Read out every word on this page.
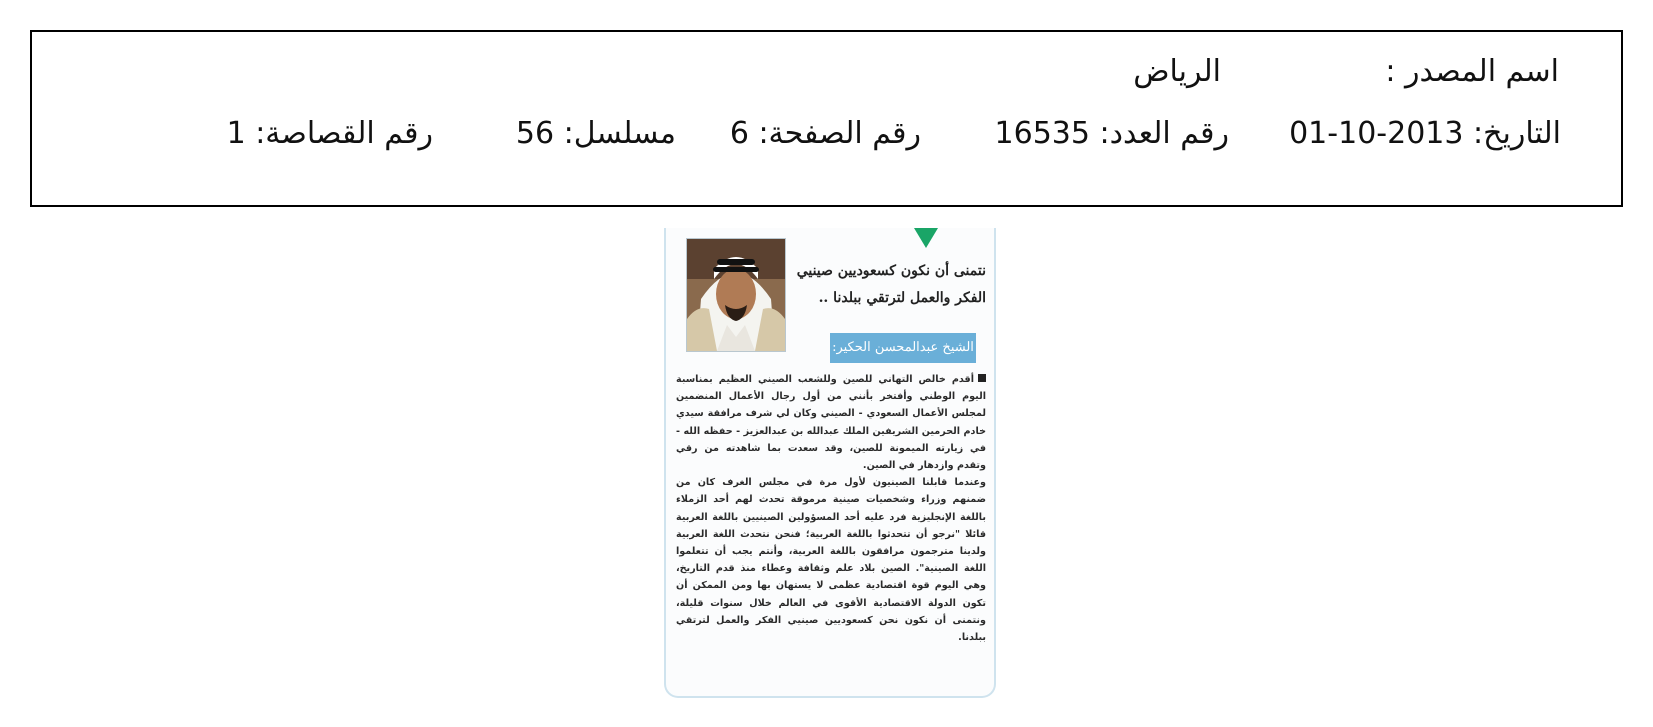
اسم المصدر :
الرياض
التاريخ: 2013-10-01
رقم العدد: 16535
رقم الصفحة: 6
مسلسل: 56
رقم القصاصة: 1
نتمنى أن نكون كسعوديين صينيي
الفكر والعمل لترتقي ببلدنا ..
الشيخ عبدالمحسن الحكير:

أقدم خالص التهاني للصين وللشعب الصيني العظيم بمناسبة اليوم الوطني وأفتخر بأنني من أول رجال الأعمال المنضمين لمجلس الأعمال السعودي - الصيني وكان لي شرف مرافقة سيدي خادم الحرمين الشريفين الملك عبدالله بن عبدالعزيز - حفظه الله - في زيارته الميمونة للصين، وقد سعدت بما شاهدته من رقي وتقدم وازدهار في الصين.

وعندما قابلنا الصينيون لأول مرة في مجلس الغرف كان من ضمنهم وزراء وشخصيات صينية مرموقة تحدث لهم أحد الزملاء باللغة الإنجليزية فرد عليه أحد المسؤولين الصينيين باللغة العربية قائلا "نرجو أن تتحدثوا باللغة العربية؛ فنحن نتحدث اللغة العربية ولدينا مترجمون مرافقون باللغة العربية، وأنتم يجب أن تتعلموا اللغة الصينية". الصين بلاد علم وثقافة وعطاء منذ قدم التاريخ، وهي اليوم قوة اقتصادية عظمى لا يستهان بها ومن الممكن أن تكون الدولة الاقتصادية الأقوى في العالم خلال سنوات قليلة، ونتمنى أن نكون نحن كسعوديين صينيي الفكر والعمل لترتقي ببلدنا.
